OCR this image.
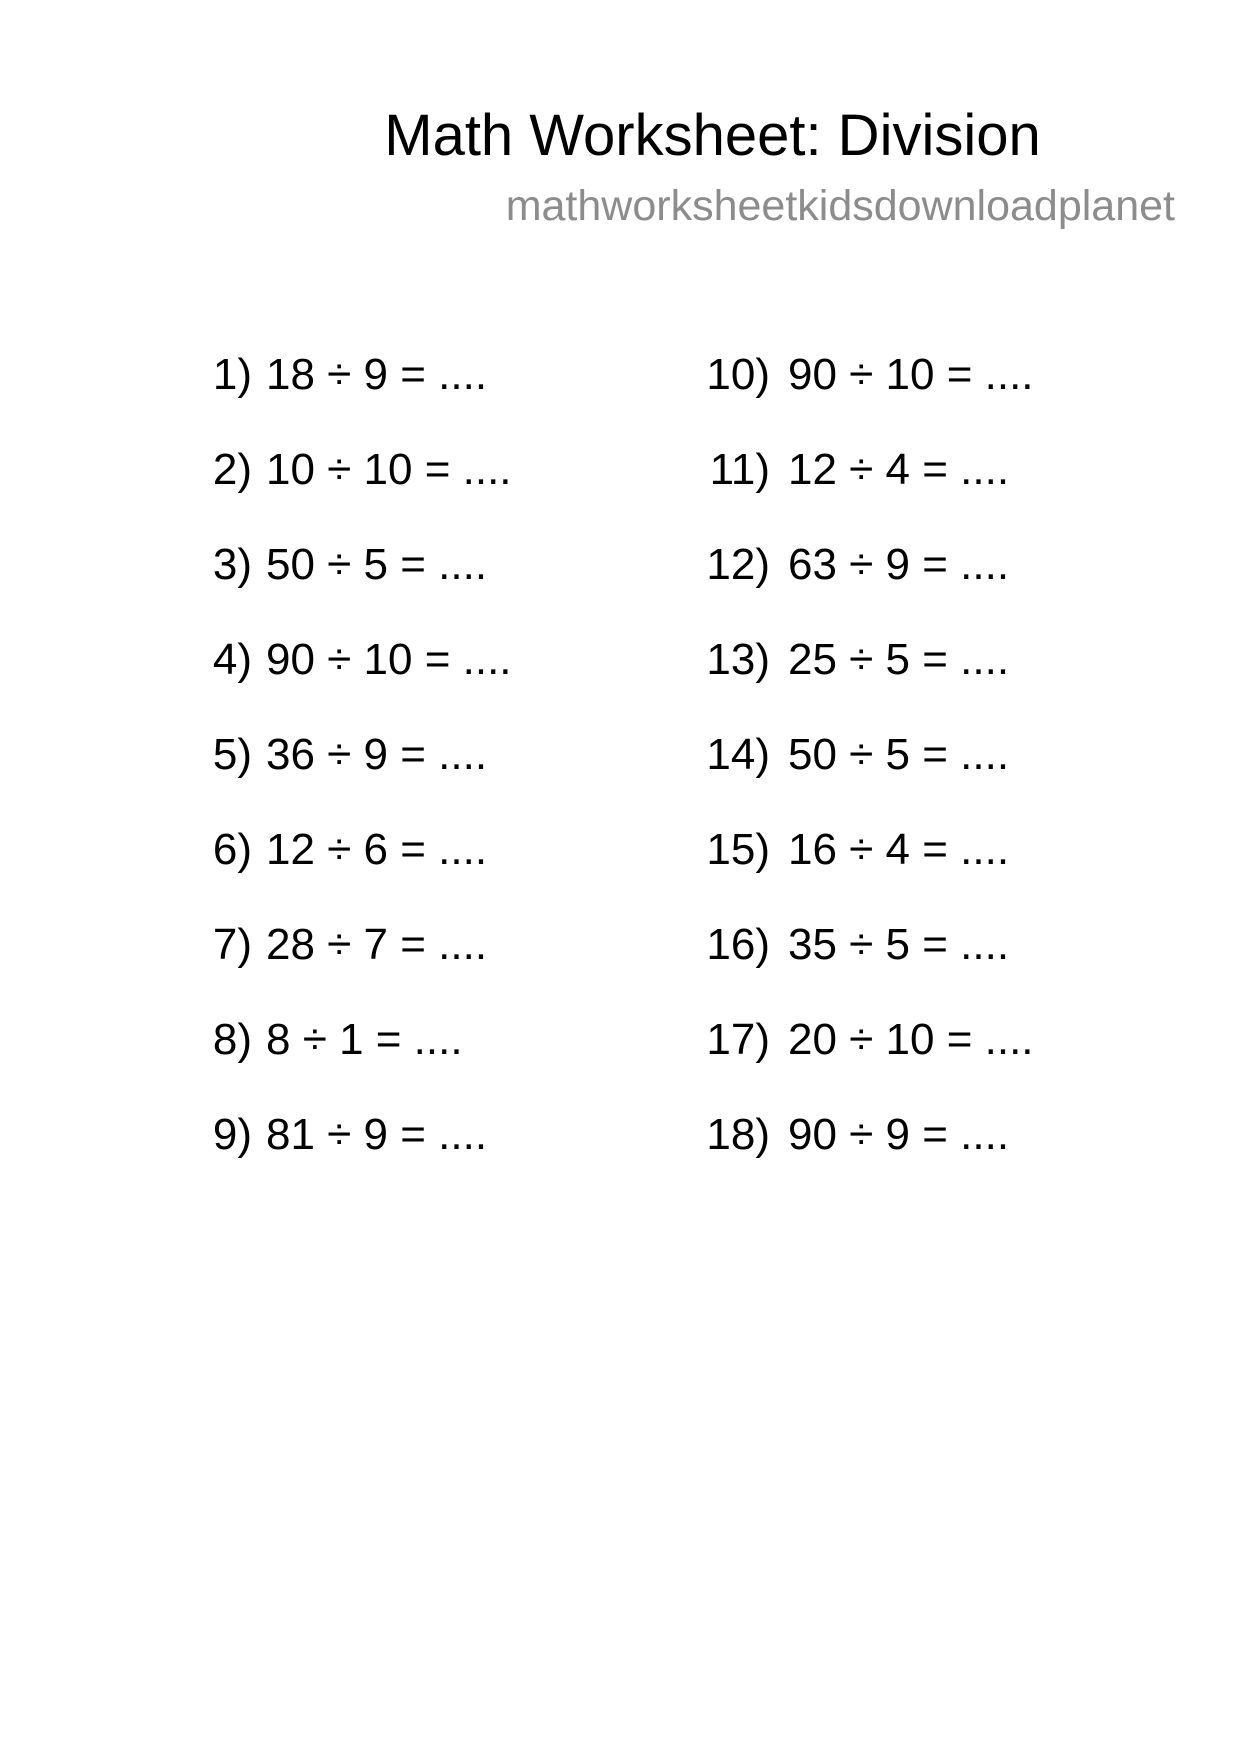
Math Worksheet: Division
mathworksheetkidsdownloadplanet
1) 18 ÷ 9 = ....
2) 10 ÷ 10 = ....
3) 50 ÷ 5 = ....
4) 90 ÷ 10 = ....
5) 36 ÷ 9 = ....
6) 12 ÷ 6 = ....
7) 28 ÷ 7 = ....
8) 8 ÷ 1 = ....
9) 81 ÷ 9 = ....
10) 90 ÷ 10 = ....
11) 12 ÷ 4 = ....
12) 63 ÷ 9 = ....
13) 25 ÷ 5 = ....
14) 50 ÷ 5 = ....
15) 16 ÷ 4 = ....
16) 35 ÷ 5 = ....
17) 20 ÷ 10 = ....
18) 90 ÷ 9 = ....
